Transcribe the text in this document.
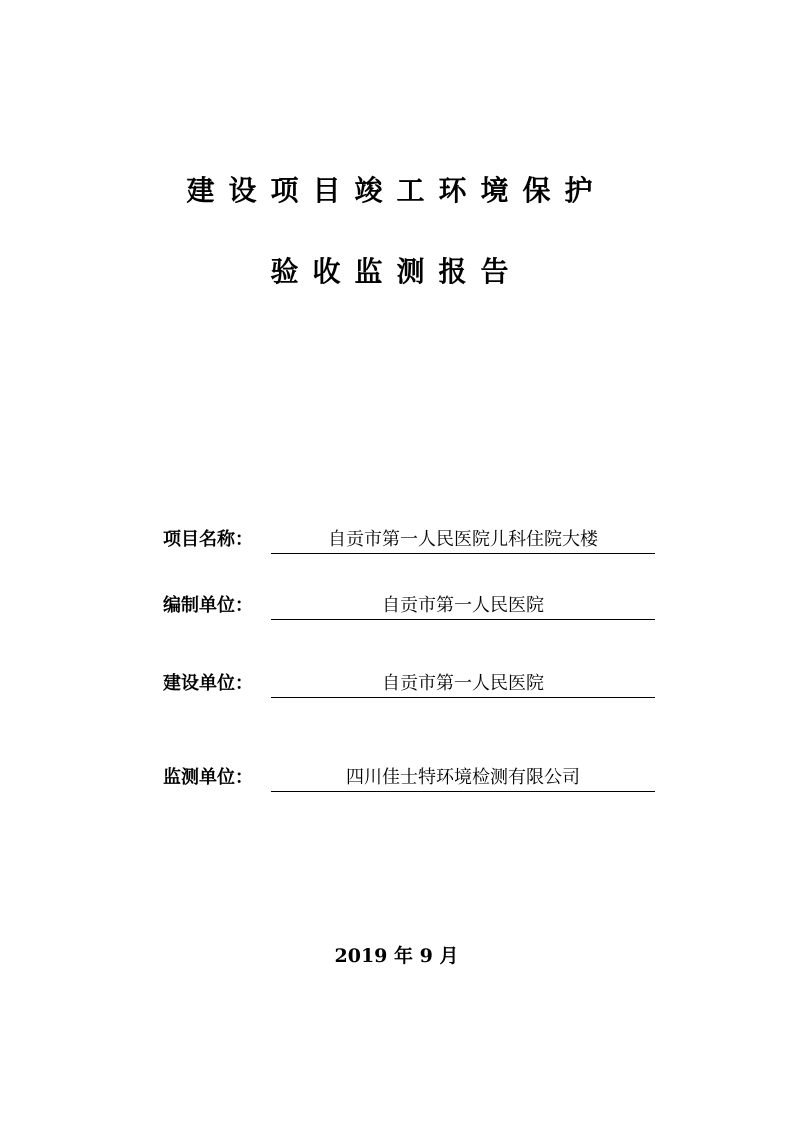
建设项目竣工环境保护
验收监测报告
项目名称：	自贡市第一人民医院儿科住院大楼
编制单位：	自贡市第一人民医院
建设单位：	自贡市第一人民医院
监测单位：	四川佳士特环境检测有限公司
2019 年 9 月
